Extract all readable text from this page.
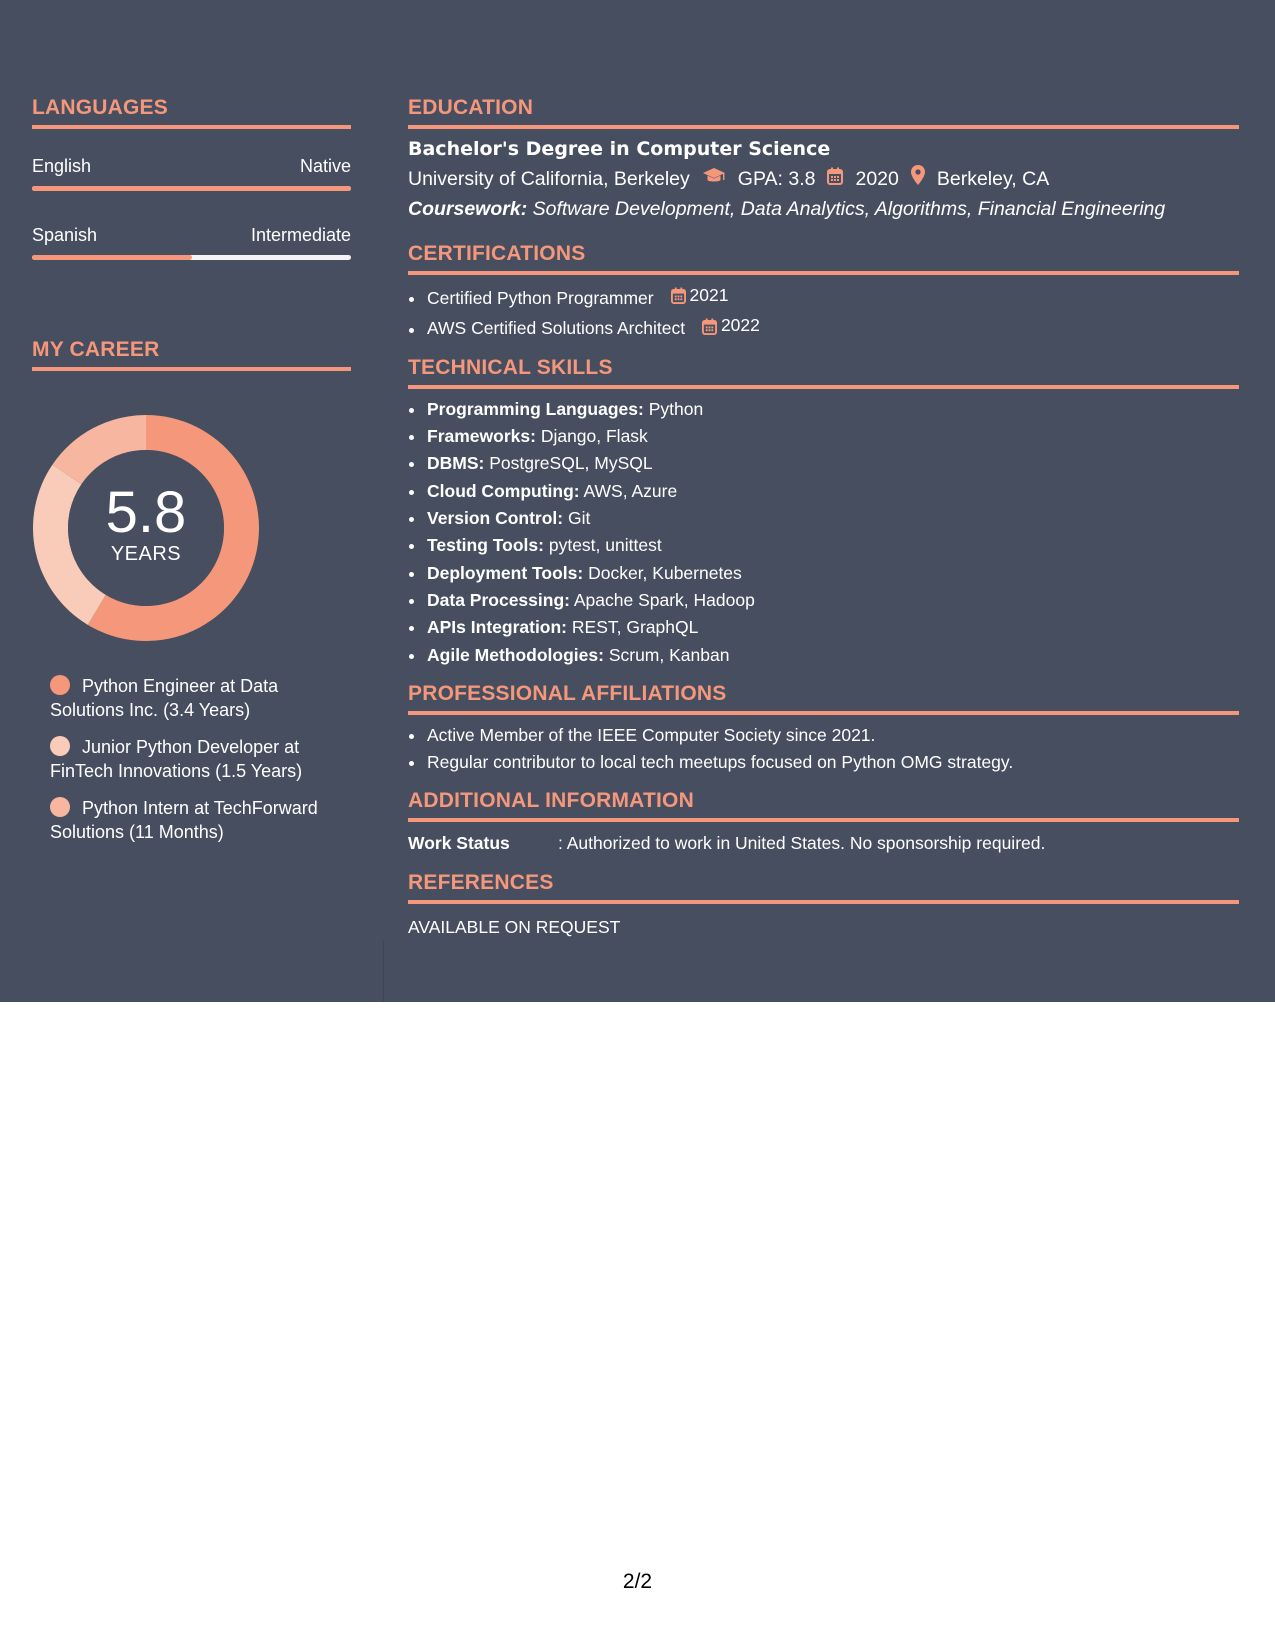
LANGUAGES
English	Native
Spanish	Intermediate
MY CAREER
5.8
YEARS
Python Engineer at Data Solutions Inc. (3.4 Years)
Junior Python Developer at FinTech Innovations (1.5 Years)
Python Intern at TechForward Solutions (11 Months)
EDUCATION
Bachelor's Degree in Computer Science
University of California, Berkeley GPA: 3.8 2020 Berkeley, CA
Coursework: Software Development, Data Analytics, Algorithms, Financial Engineering
CERTIFICATIONS
• Certified Python Programmer 2021
• AWS Certified Solutions Architect 2022
TECHNICAL SKILLS
• Programming Languages: Python
• Frameworks: Django, Flask
• DBMS: PostgreSQL, MySQL
• Cloud Computing: AWS, Azure
• Version Control: Git
• Testing Tools: pytest, unittest
• Deployment Tools: Docker, Kubernetes
• Data Processing: Apache Spark, Hadoop
• APIs Integration: REST, GraphQL
• Agile Methodologies: Scrum, Kanban
PROFESSIONAL AFFILIATIONS
• Active Member of the IEEE Computer Society since 2021.
• Regular contributor to local tech meetups focused on Python OMG strategy.
ADDITIONAL INFORMATION
Work Status	: Authorized to work in United States. No sponsorship required.
REFERENCES
AVAILABLE ON REQUEST
2/2
